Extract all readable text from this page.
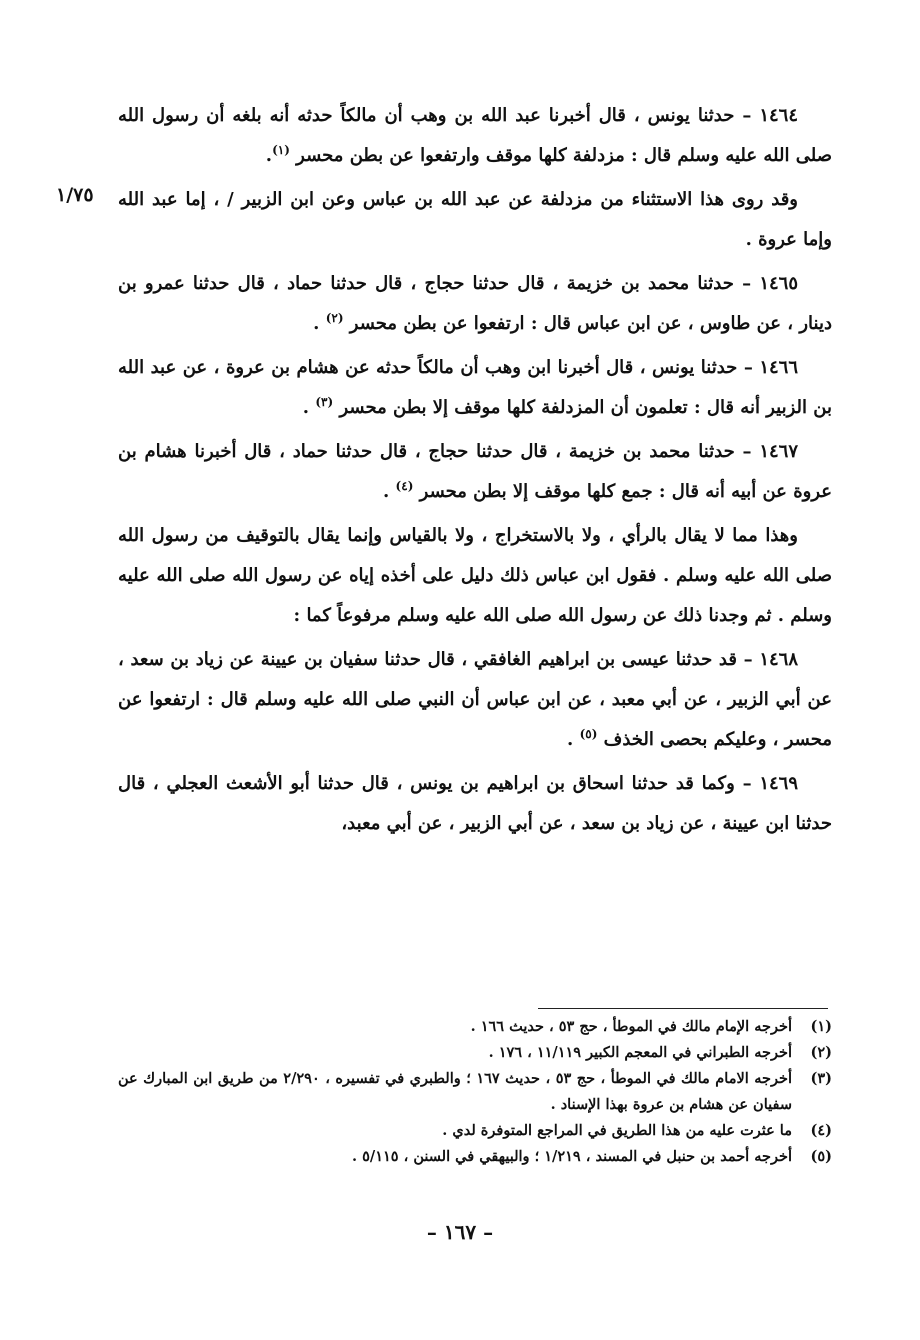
١/٧٥

١٤٦٤ – حدثنا يونس ، قال أخبرنا عبد الله بن وهب أن مالكاً حدثه أنه بلغه أن رسول الله صلى الله عليه وسلم قال : مزدلفة كلها موقف وارتفعوا عن بطن محسر $^{(١)}$.

وقد روى هذا الاستثناء من مزدلفة عن عبد الله بن عباس وعن ابن الزبير / ، إما عبد الله وإما عروة .

١٤٦٥ – حدثنا محمد بن خزيمة ، قال حدثنا حجاج ، قال حدثنا حماد ، قال حدثنا عمرو بن دينار ، عن طاوس ، عن ابن عباس قال : ارتفعوا عن بطن محسر $^{(٢)}$ .

١٤٦٦ – حدثنا يونس ، قال أخبرنا ابن وهب أن مالكاً حدثه عن هشام بن عروة ، عن عبد الله بن الزبير أنه قال : تعلمون أن المزدلفة كلها موقف إلا بطن محسر $^{(٣)}$ .

١٤٦٧ – حدثنا محمد بن خزيمة ، قال حدثنا حجاج ، قال حدثنا حماد ، قال أخبرنا هشام بن عروة عن أبيه أنه قال : جمع كلها موقف إلا بطن محسر $^{(٤)}$ .

وهذا مما لا يقال بالرأي ، ولا بالاستخراج ، ولا بالقياس وإنما يقال بالتوقيف من رسول الله صلى الله عليه وسلم . فقول ابن عباس ذلك دليل على أخذه إياه عن رسول الله صلى الله عليه وسلم . ثم وجدنا ذلك عن رسول الله صلى الله عليه وسلم مرفوعاً كما :

١٤٦٨ – قد حدثنا عيسى بن ابراهيم الغافقي ، قال حدثنا سفيان بن عيينة عن زياد بن سعد ، عن أبي الزبير ، عن أبي معبد ، عن ابن عباس أن النبي صلى الله عليه وسلم قال : ارتفعوا عن محسر ، وعليكم بحصى الخذف $^{(٥)}$ .

١٤٦٩ – وكما قد حدثنا اسحاق بن ابراهيم بن يونس ، قال حدثنا أبو الأشعث العجلي ، قال حدثنا ابن عيينة ، عن زياد بن سعد ، عن أبي الزبير ، عن أبي معبد،

(١)
أخرجه الإمام مالك في الموطأ ، حج ٥٣ ، حديث ١٦٦ .
(٢)
أخرجه الطبراني في المعجم الكبير ١١/١١٩ ، ١٧٦ .
(٣)
أخرجه الامام مالك في الموطأ ، حج ٥٣ ، حديث ١٦٧ ؛ والطبري في تفسيره ، ٢/٢٩٠ من طريق ابن المبارك عن سفيان عن هشام بن عروة بهذا الإسناد .
(٤)
ما عثرت عليه من هذا الطريق في المراجع المتوفرة لدي .
(٥)
أخرجه أحمد بن حنبل في المسند ، ١/٢١٩ ؛ والبيهقي في السنن ، ٥/١١٥ .
– ١٦٧ –
